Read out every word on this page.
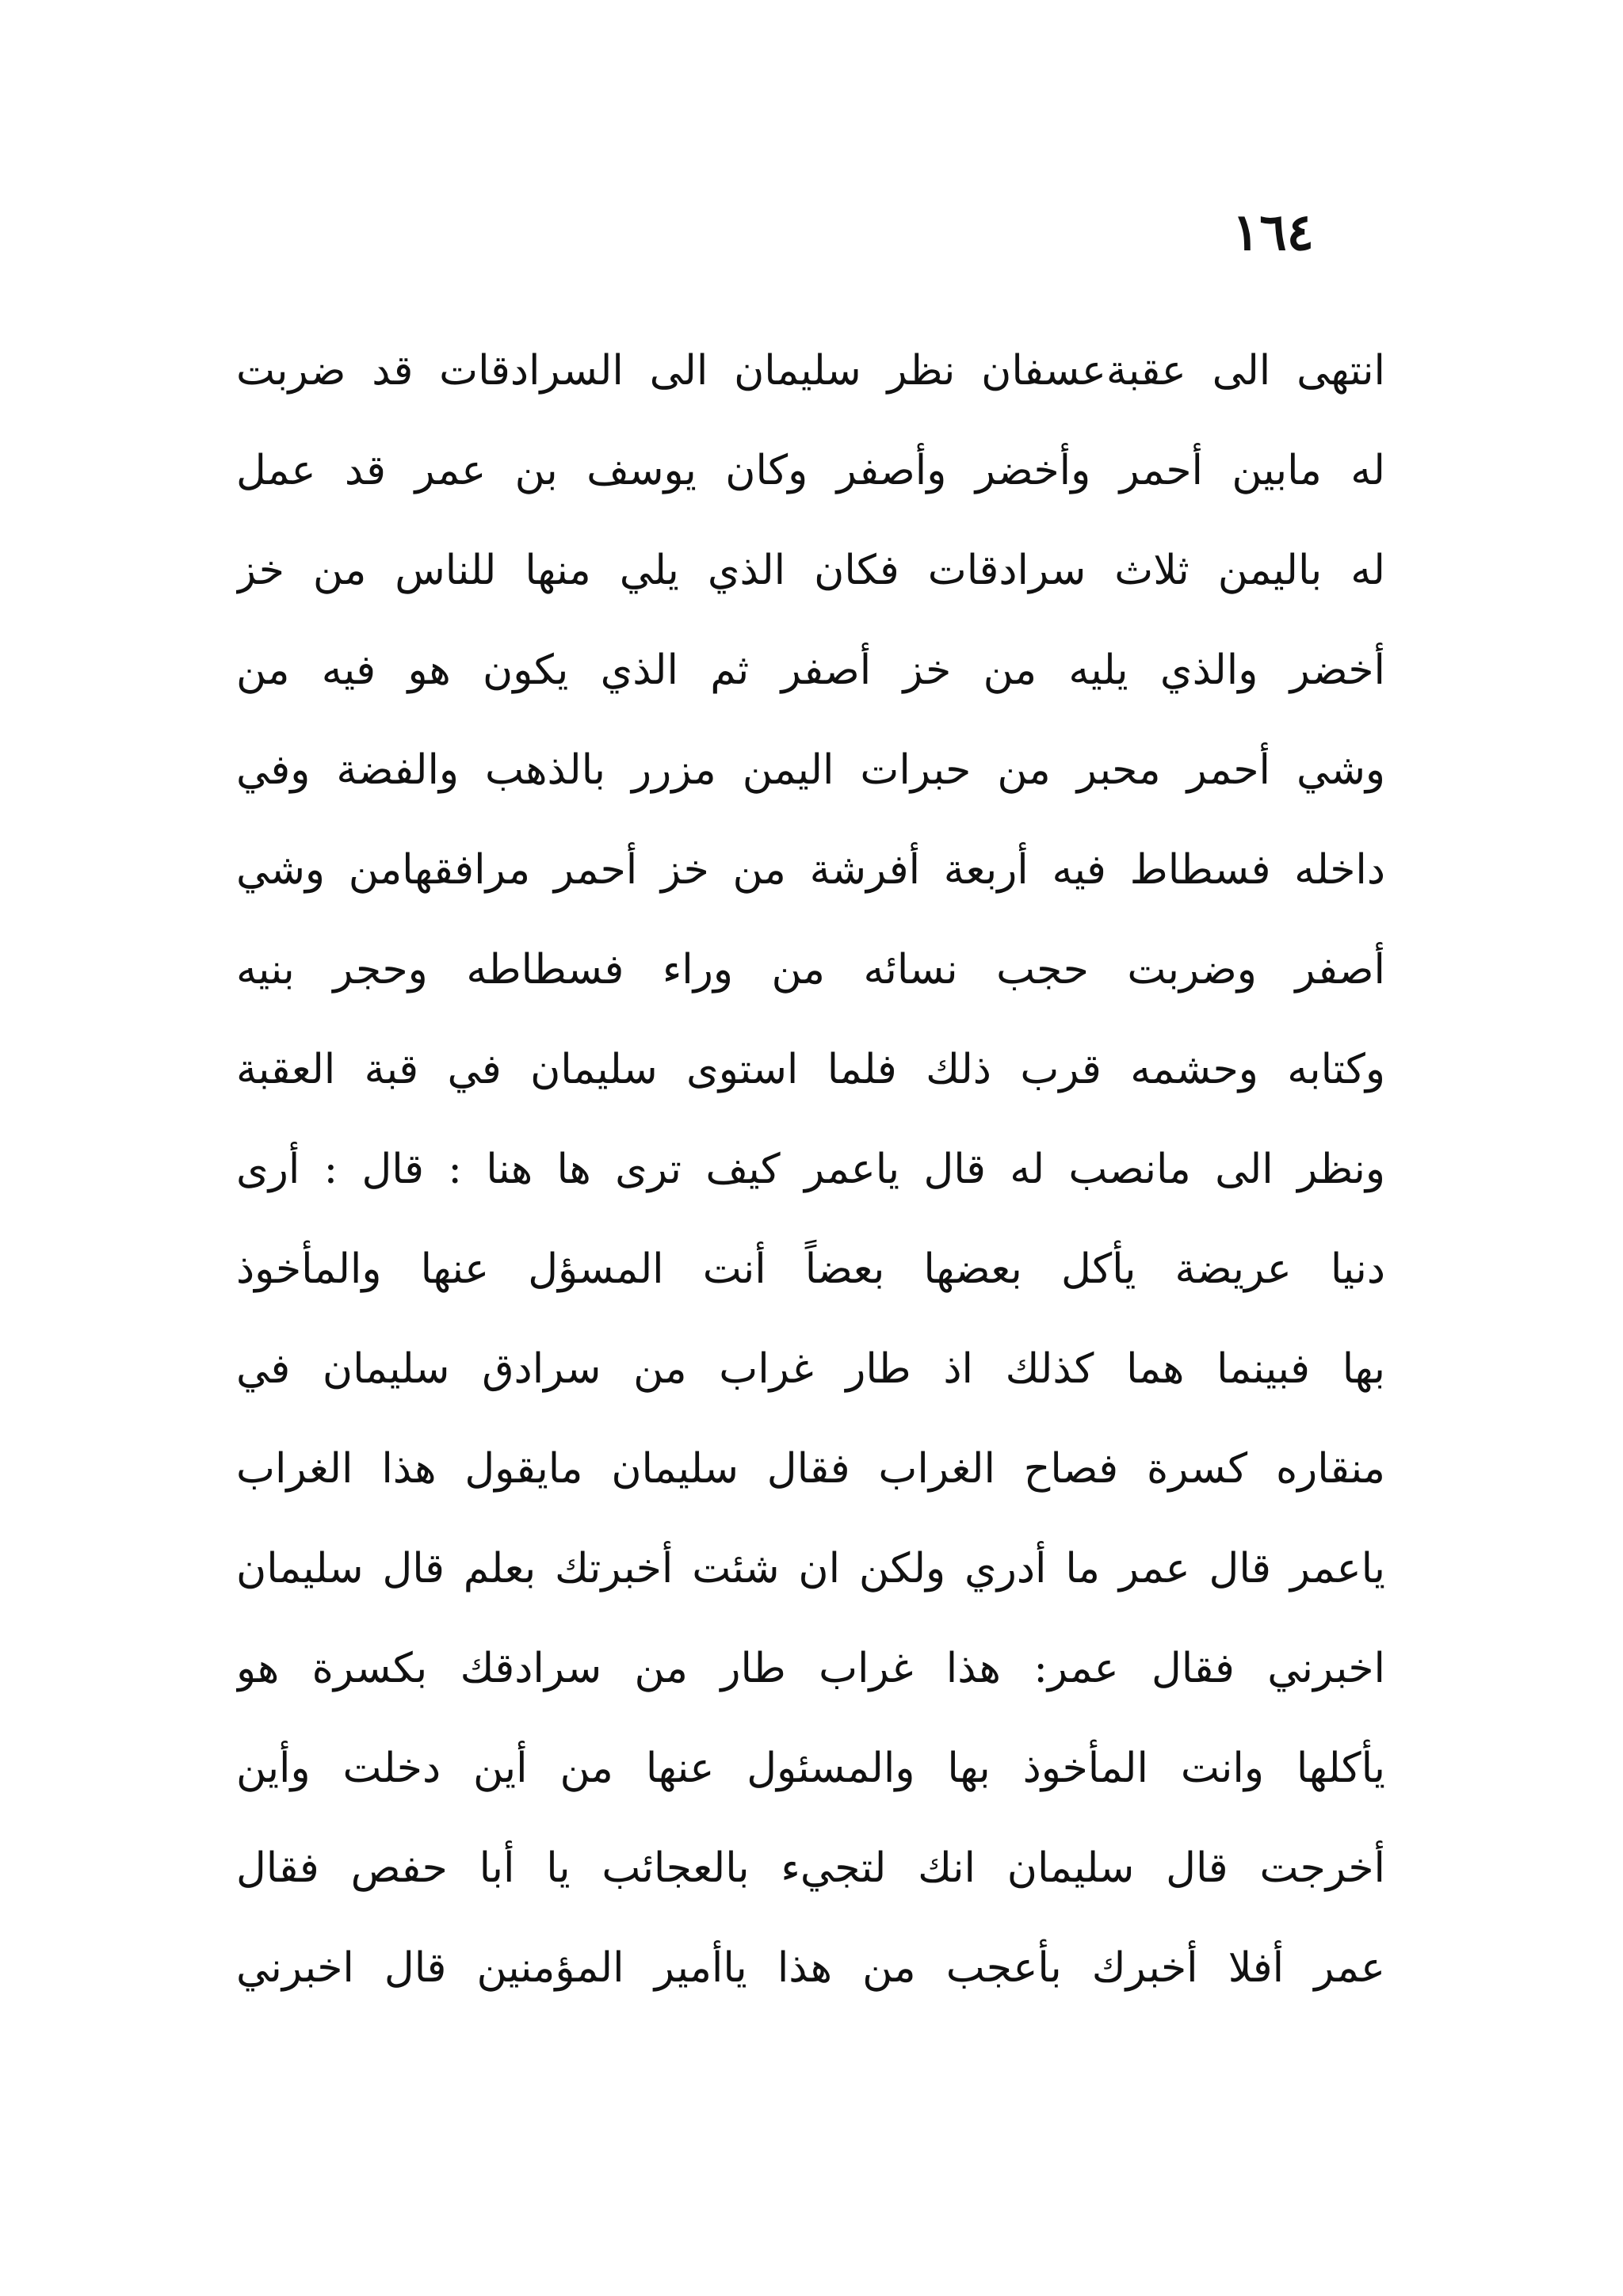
١٦٤
انتهى الى عقبةعسفان نظر سليمان الى السرادقات قد ضربت
له مابين أحمر وأخضر وأصفر وكان يوسف بن عمر قد عمل
له باليمن ثلاث سرادقات فكان الذي يلي منها للناس من خز
أخضر والذي يليه من خز أصفر ثم الذي يكون هو فيه من
وشي أحمر محبر من حبرات اليمن مزرر بالذهب والفضة وفي
داخله فسطاط فيه أربعة أفرشة من خز أحمر مرافقهامن وشي
أصفر وضربت حجب نسائه من وراء فسطاطه وحجر بنيه
وكتابه وحشمه قرب ذلك فلما استوى سليمان في قبة العقبة
ونظر الى مانصب له قال ياعمر كيف ترى ها هنا : قال : أرى
دنيا عريضة يأكل بعضها بعضاً أنت المسؤل عنها والمأخوذ
بها فبينما هما كذلك اذ طار غراب من سرادق سليمان في
منقاره كسرة فصاح الغراب فقال سليمان مايقول هذا الغراب
ياعمر قال عمر ما أدري ولكن ان شئت أخبرتك بعلم قال سليمان
اخبرني فقال عمر: هذا غراب طار من سرادقك بكسرة هو
يأكلها وانت المأخوذ بها والمسئول عنها من أين دخلت وأين
أخرجت قال سليمان انك لتجيء بالعجائب يا أبا حفص فقال
عمر أفلا أخبرك بأعجب من هذا ياأمير المؤمنين قال اخبرني
